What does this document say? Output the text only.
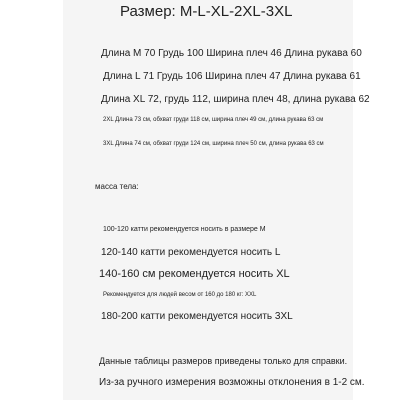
Размер: M-L-XL-2XL-3XL
Длина M 70 Грудь 100 Ширина плеч 46 Длина рукава 60
Длина L 71 Грудь 106 Ширина плеч 47 Длина рукава 61
Длина XL 72, грудь 112, ширина плеч 48, длина рукава 62
2XL Длина 73 см, обхват груди 118 см, ширина плеч 49 см, длина рукава 63 см
3XL Длина 74 см, обхват груди 124 см, ширина плеч 50 см, длина рукава 63 см
масса тела:
100-120 катти рекомендуется носить в размере M
120-140 катти рекомендуется носить L
140-160 см рекомендуется носить XL
Рекомендуется для людей весом от 160 до 180 кг: XXL
180-200 катти рекомендуется носить 3XL
Данные таблицы размеров приведены только для справки.
Из-за ручного измерения возможны отклонения в 1-2 см.
